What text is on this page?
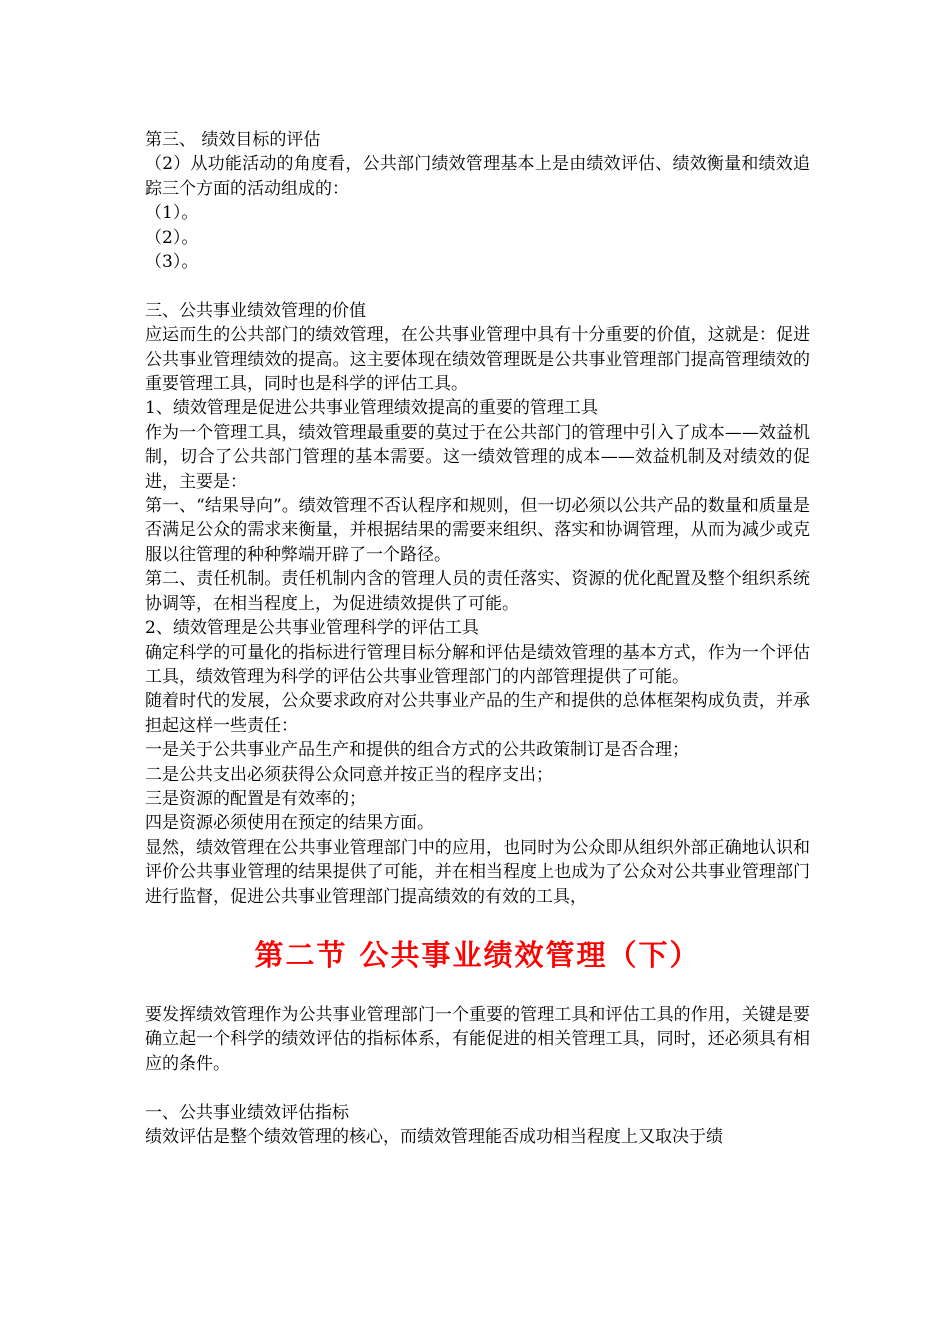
第三、 绩效目标的评估

（2）从功能活动的角度看，公共部门绩效管理基本上是由绩效评估、绩效衡量和绩效追踪三个方面的活动组成的：

（1）。

（2）。

（3）。

三、公共事业绩效管理的价值

应运而生的公共部门的绩效管理，在公共事业管理中具有十分重要的价值，这就是：促进公共事业管理绩效的提高。这主要体现在绩效管理既是公共事业管理部门提高管理绩效的重要管理工具，同时也是科学的评估工具。

1、绩效管理是促进公共事业管理绩效提高的重要的管理工具

作为一个管理工具，绩效管理最重要的莫过于在公共部门的管理中引入了成本——效益机制，切合了公共部门管理的基本需要。这一绩效管理的成本——效益机制及对绩效的促进，主要是：

第一、“结果导向”。绩效管理不否认程序和规则，但一切必须以公共产品的数量和质量是否满足公众的需求来衡量，并根据结果的需要来组织、落实和协调管理，从而为减少或克服以往管理的种种弊端开辟了一个路径。

第二、责任机制。责任机制内含的管理人员的责任落实、资源的优化配置及整个组织系统协调等，在相当程度上，为促进绩效提供了可能。

2、绩效管理是公共事业管理科学的评估工具

确定科学的可量化的指标进行管理目标分解和评估是绩效管理的基本方式，作为一个评估工具，绩效管理为科学的评估公共事业管理部门的内部管理提供了可能。

随着时代的发展，公众要求政府对公共事业产品的生产和提供的总体框架构成负责，并承担起这样一些责任：

一是关于公共事业产品生产和提供的组合方式的公共政策制订是否合理；

二是公共支出必须获得公众同意并按正当的程序支出；

三是资源的配置是有效率的；

四是资源必须使用在预定的结果方面。

显然，绩效管理在公共事业管理部门中的应用，也同时为公众即从组织外部正确地认识和评价公共事业管理的结果提供了可能，并在相当程度上也成为了公众对公共事业管理部门进行监督，促进公共事业管理部门提高绩效的有效的工具，

第二节 公共事业绩效管理（下）

要发挥绩效管理作为公共事业管理部门一个重要的管理工具和评估工具的作用，关键是要确立起一个科学的绩效评估的指标体系，有能促进的相关管理工具，同时，还必须具有相应的条件。

一、公共事业绩效评估指标

绩效评估是整个绩效管理的核心，而绩效管理能否成功相当程度上又取决于绩
